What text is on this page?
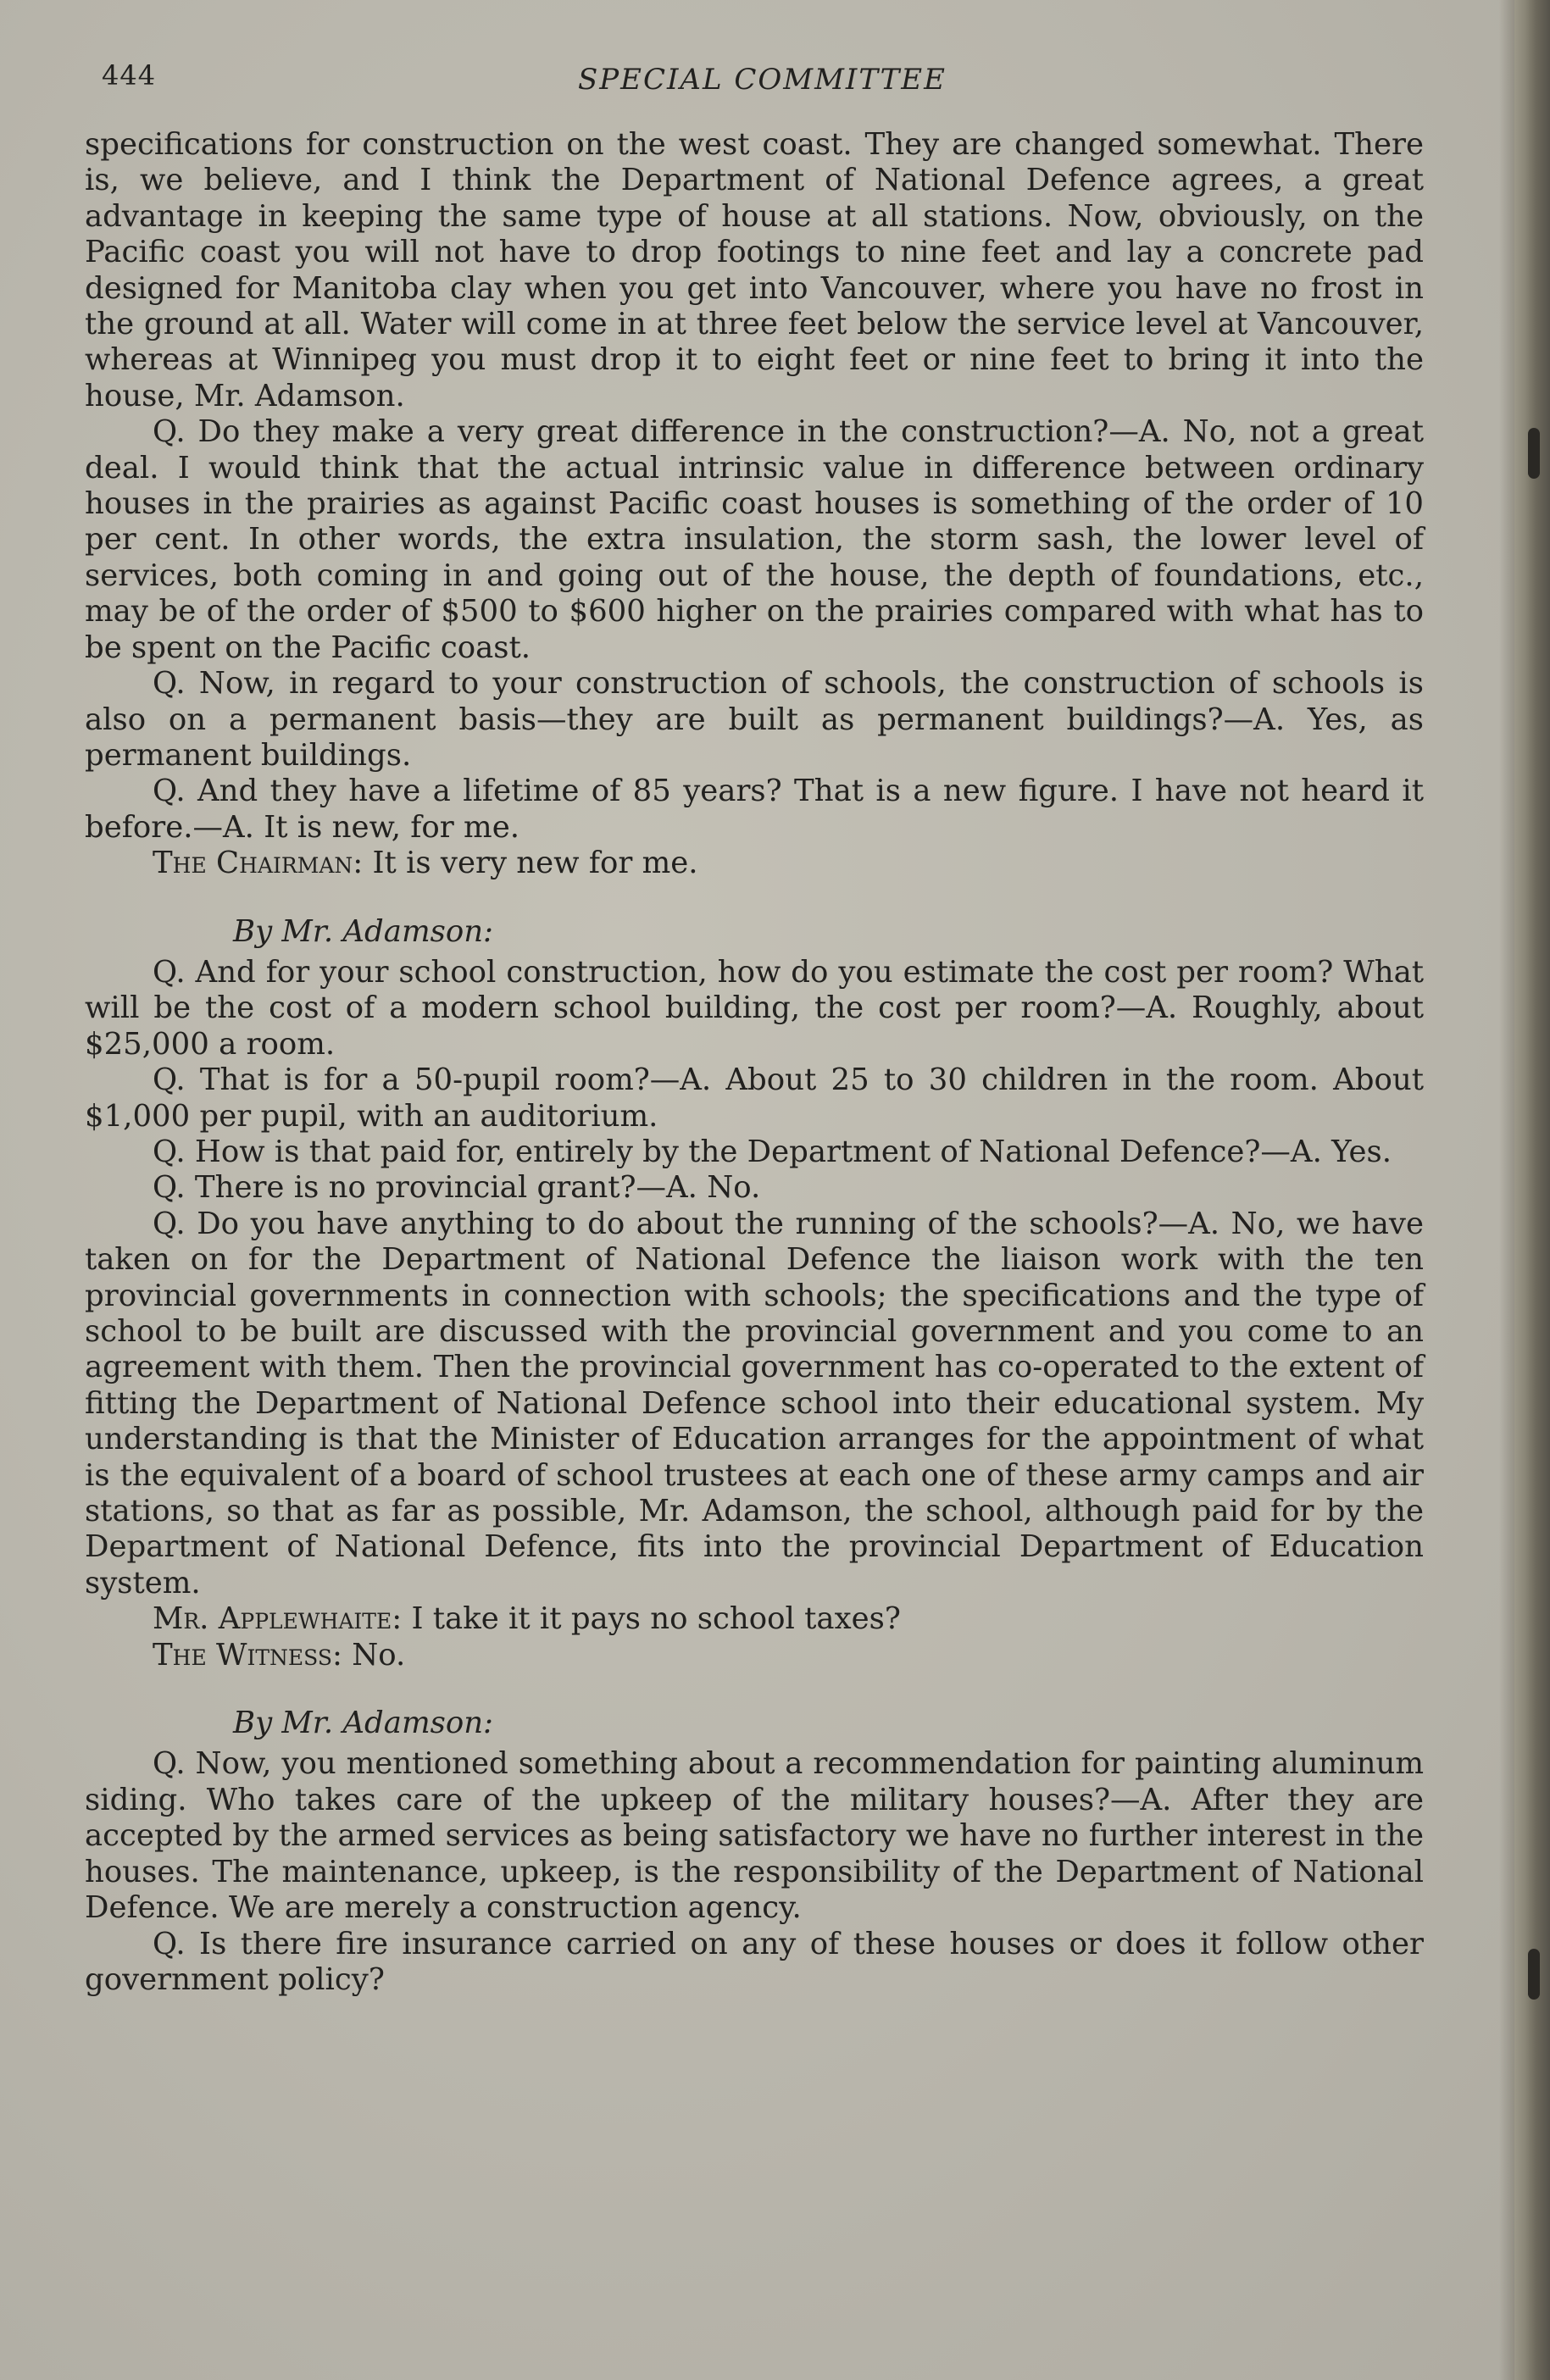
444	SPECIAL COMMITTEE

specifications for construction on the west coast. They are changed somewhat. There is, we believe, and I think the Department of National Defence agrees, a great advantage in keeping the same type of house at all stations. Now, obviously, on the Pacific coast you will not have to drop footings to nine feet and lay a concrete pad designed for Manitoba clay when you get into Vancouver, where you have no frost in the ground at all. Water will come in at three feet below the service level at Vancouver, whereas at Winnipeg you must drop it to eight feet or nine feet to bring it into the house, Mr. Adamson.

Q. Do they make a very great difference in the construction?—A. No, not a great deal. I would think that the actual intrinsic value in difference between ordinary houses in the prairies as against Pacific coast houses is something of the order of 10 per cent. In other words, the extra insulation, the storm sash, the lower level of services, both coming in and going out of the house, the depth of foundations, etc., may be of the order of $500 to $600 higher on the prairies compared with what has to be spent on the Pacific coast.

Q. Now, in regard to your construction of schools, the construction of schools is also on a permanent basis—they are built as permanent buildings?—A. Yes, as permanent buildings.

Q. And they have a lifetime of 85 years? That is a new figure. I have not heard it before.—A. It is new, for me.

The Chairman: It is very new for me.

By Mr. Adamson:

Q. And for your school construction, how do you estimate the cost per room? What will be the cost of a modern school building, the cost per room?—A. Roughly, about $25,000 a room.

Q. That is for a 50-pupil room?—A. About 25 to 30 children in the room. About $1,000 per pupil, with an auditorium.

Q. How is that paid for, entirely by the Department of National Defence?—A. Yes.

Q. There is no provincial grant?—A. No.

Q. Do you have anything to do about the running of the schools?—A. No, we have taken on for the Department of National Defence the liaison work with the ten provincial governments in connection with schools; the specifications and the type of school to be built are discussed with the provincial government and you come to an agreement with them. Then the provincial government has co-operated to the extent of fitting the Department of National Defence school into their educational system. My understanding is that the Minister of Education arranges for the appointment of what is the equivalent of a board of school trustees at each one of these army camps and air stations, so that as far as possible, Mr. Adamson, the school, although paid for by the Department of National Defence, fits into the provincial Department of Education system.

Mr. Applewhaite: I take it it pays no school taxes?

The Witness: No.

By Mr. Adamson:

Q. Now, you mentioned something about a recommendation for painting aluminum siding. Who takes care of the upkeep of the military houses?—A. After they are accepted by the armed services as being satisfactory we have no further interest in the houses. The maintenance, upkeep, is the responsibility of the Department of National Defence. We are merely a construction agency.

Q. Is there fire insurance carried on any of these houses or does it follow other government policy?
